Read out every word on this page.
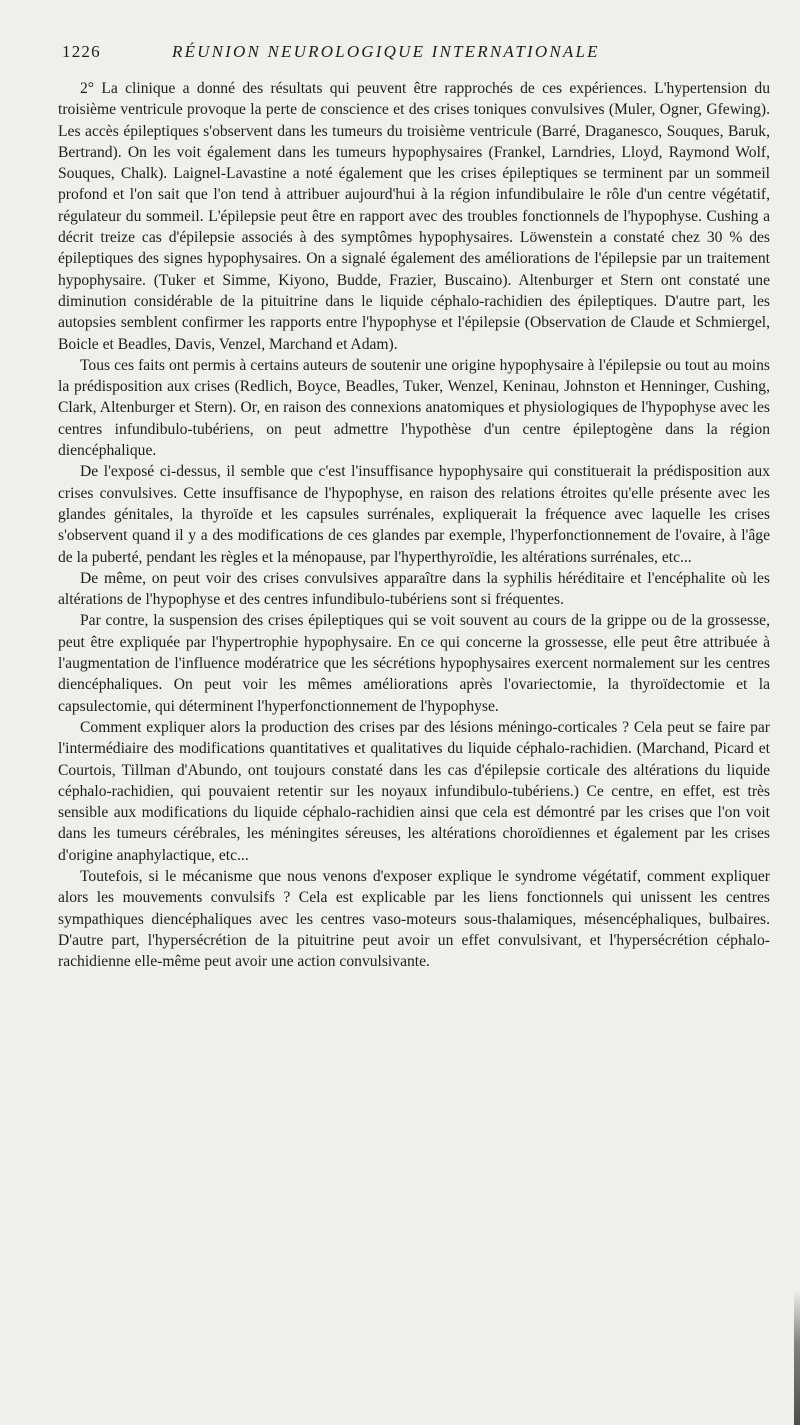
1226	RÉUNION NEUROLOGIQUE INTERNATIONALE

2° La clinique a donné des résultats qui peuvent être rapprochés de ces expériences. L'hypertension du troisième ventricule provoque la perte de conscience et des crises toniques convulsives (Muler, Ogner, Gfewing). Les accès épileptiques s'observent dans les tumeurs du troisième ventricule (Barré, Draganesco, Souques, Baruk, Bertrand). On les voit également dans les tumeurs hypophysaires (Frankel, Larndries, Lloyd, Raymond Wolf, Souques, Chalk). Laignel-Lavastine a noté également que les crises épileptiques se terminent par un sommeil profond et l'on sait que l'on tend à attribuer aujourd'hui à la région infundibulaire le rôle d'un centre végétatif, régulateur du sommeil. L'épilepsie peut être en rapport avec des troubles fonctionnels de l'hypophyse. Cushing a décrit treize cas d'épilepsie associés à des symptômes hypophysaires. Löwenstein a constaté chez 30 % des épileptiques des signes hypophysaires. On a signalé également des améliorations de l'épilepsie par un traitement hypophysaire. (Tuker et Simme, Kiyono, Budde, Frazier, Buscaino). Altenburger et Stern ont constaté une diminution considérable de la pituitrine dans le liquide céphalo-rachidien des épileptiques. D'autre part, les autopsies semblent confirmer les rapports entre l'hypophyse et l'épilepsie (Observation de Claude et Schmiergel, Boicle et Beadles, Davis, Venzel, Marchand et Adam).

Tous ces faits ont permis à certains auteurs de soutenir une origine hypophysaire à l'épilepsie ou tout au moins la prédisposition aux crises (Redlich, Boyce, Beadles, Tuker, Wenzel, Keninau, Johnston et Henninger, Cushing, Clark, Altenburger et Stern). Or, en raison des connexions anatomiques et physiologiques de l'hypophyse avec les centres infundibulo-tubériens, on peut admettre l'hypothèse d'un centre épileptogène dans la région diencéphalique.

De l'exposé ci-dessus, il semble que c'est l'insuffisance hypophysaire qui constituerait la prédisposition aux crises convulsives. Cette insuffisance de l'hypophyse, en raison des relations étroites qu'elle présente avec les glandes génitales, la thyroïde et les capsules surrénales, expliquerait la fréquence avec laquelle les crises s'observent quand il y a des modifications de ces glandes par exemple, l'hyperfonctionnement de l'ovaire, à l'âge de la puberté, pendant les règles et la ménopause, par l'hyperthyroïdie, les altérations surrénales, etc...

De même, on peut voir des crises convulsives apparaître dans la syphilis héréditaire et l'encéphalite où les altérations de l'hypophyse et des centres infundibulo-tubériens sont si fréquentes.

Par contre, la suspension des crises épileptiques qui se voit souvent au cours de la grippe ou de la grossesse, peut être expliquée par l'hypertrophie hypophysaire. En ce qui concerne la grossesse, elle peut être attribuée à l'augmentation de l'influence modératrice que les sécrétions hypophysaires exercent normalement sur les centres diencéphaliques. On peut voir les mêmes améliorations après l'ovariectomie, la thyroïdectomie et la capsulectomie, qui déterminent l'hyperfonctionnement de l'hypophyse.

Comment expliquer alors la production des crises par des lésions méningo-corticales ? Cela peut se faire par l'intermédiaire des modifications quantitatives et qualitatives du liquide céphalo-rachidien. (Marchand, Picard et Courtois, Tillman d'Abundo, ont toujours constaté dans les cas d'épilepsie corticale des altérations du liquide céphalo-rachidien, qui pouvaient retentir sur les noyaux infundibulo-tubériens.) Ce centre, en effet, est très sensible aux modifications du liquide céphalo-rachidien ainsi que cela est démontré par les crises que l'on voit dans les tumeurs cérébrales, les méningites séreuses, les altérations choroïdiennes et également par les crises d'origine anaphylactique, etc...

Toutefois, si le mécanisme que nous venons d'exposer explique le syndrome végétatif, comment expliquer alors les mouvements convulsifs ? Cela est explicable par les liens fonctionnels qui unissent les centres sympathiques diencéphaliques avec les centres vaso-moteurs sous-thalamiques, mésencéphaliques, bulbaires. D'autre part, l'hypersécrétion de la pituitrine peut avoir un effet convulsivant, et l'hypersécrétion céphalo-rachidienne elle-même peut avoir une action convulsivante.
